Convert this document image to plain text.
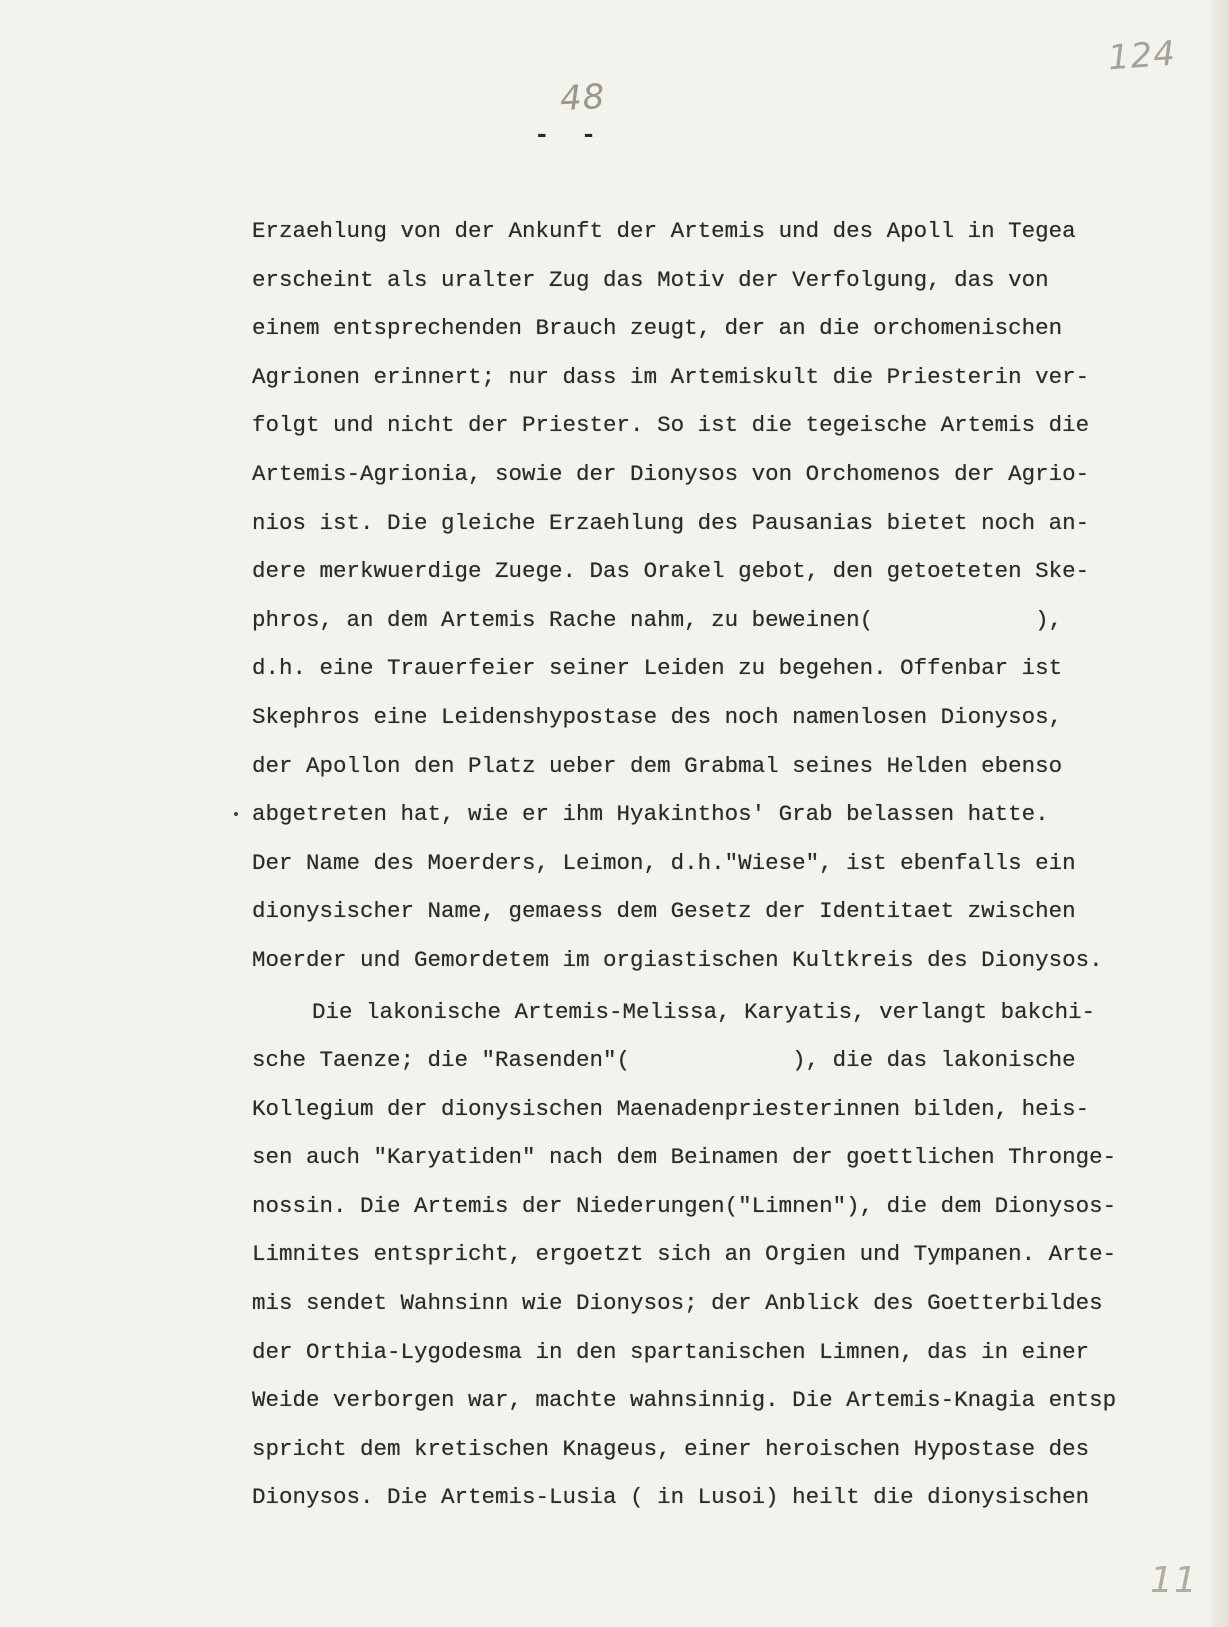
48
124
11
-  -
Erzaehlung von der Ankunft der Artemis und des Apoll in Tegea
erscheint als uralter Zug das Motiv der Verfolgung, das von
einem entsprechenden Brauch zeugt, der an die orchomenischen
Agrionen erinnert; nur dass im Artemiskult die Priesterin ver-
folgt und nicht der Priester. So ist die tegeische Artemis die
Artemis-Agrionia, sowie der Dionysos von Orchomenos der Agrio-
nios ist. Die gleiche Erzaehlung des Pausanias bietet noch an-
dere merkwuerdige Zuege. Das Orakel gebot, den getoeteten Ske-
phros, an dem Artemis Rache nahm, zu beweinen(            ),
d.h. eine Trauerfeier seiner Leiden zu begehen. Offenbar ist
Skephros eine Leidenshypostase des noch namenlosen Dionysos,
der Apollon den Platz ueber dem Grabmal seines Helden ebenso
abgetreten hat, wie er ihm Hyakinthos' Grab belassen hatte.
Der Name des Moerders, Leimon, d.h."Wiese", ist ebenfalls ein
dionysischer Name, gemaess dem Gesetz der Identitaet zwischen
Moerder und Gemordetem im orgiastischen Kultkreis des Dionysos.
Die lakonische Artemis-Melissa, Karyatis, verlangt bakchi-
sche Taenze; die "Rasenden"(            ), die das lakonische
Kollegium der dionysischen Maenadenpriesterinnen bilden, heis-
sen auch "Karyatiden" nach dem Beinamen der goettlichen Thronge-
nossin. Die Artemis der Niederungen("Limnen"), die dem Dionysos-
Limnites entspricht, ergoetzt sich an Orgien und Tympanen. Arte-
mis sendet Wahnsinn wie Dionysos; der Anblick des Goetterbildes
der Orthia-Lygodesma in den spartanischen Limnen, das in einer
Weide verborgen war, machte wahnsinnig. Die Artemis-Knagia entsp
spricht dem kretischen Knageus, einer heroischen Hypostase des
Dionysos. Die Artemis-Lusia ( in Lusoi) heilt die dionysischen
